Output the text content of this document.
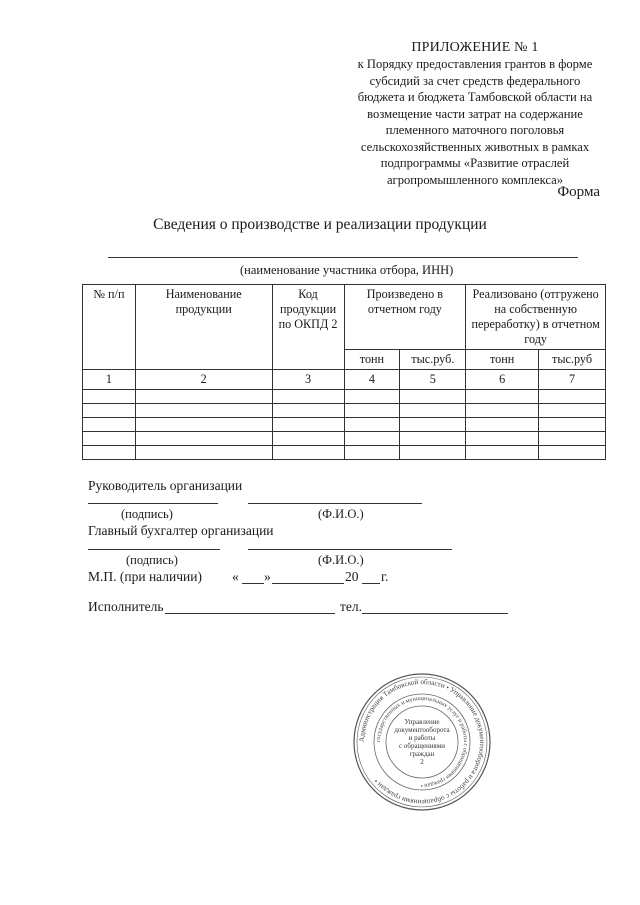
ПРИЛОЖЕНИЕ № 1
к Порядку предоставления грантов в форме
субсидий за счет средств федерального
бюджета и бюджета Тамбовской области на
возмещение части затрат на содержание
племенного маточного поголовья
сельскохозяйственных животных в рамках
подпрограммы «Развитие отраслей
агропромышленного комплекса»
Форма
Сведения о производстве и реализации продукции
(наименование участника отбора, ИНН)
№ п/п	Наименование продукции	Код продукции по ОКПД 2	Произведено в отчетном году		Реализовано (отгружено на собственную переработку) в отчетном году	
			тонн	тыс.руб.	тонн	тыс.руб
1	2	3	4	5	6	7

Руководитель организации
(подпись)	(Ф.И.О.)
Главный бухгалтер организации
(подпись)	(Ф.И.О.)
М.П. (при наличии) « »	20 г.
Исполнитель	тел.
Администрация Тамбовской области • Управление документооборота и работы с обращениями граждан •
государственных и муниципальных услуг и работы с обращениями граждан •
Управление
документооборота
и работы
с обращениями
граждан
2
